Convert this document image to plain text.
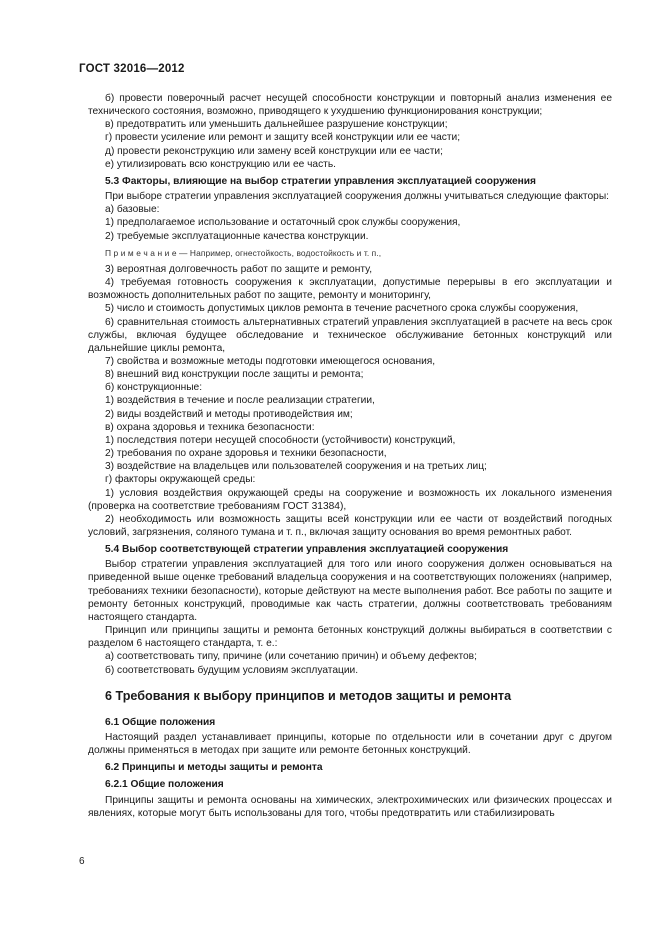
ГОСТ 32016—2012
б) провести поверочный расчет несущей способности конструкции и повторный анализ изменения ее технического состояния, возможно, приводящего к ухудшению функционирования конструкции;
в) предотвратить или уменьшить дальнейшее разрушение конструкции;
г) провести усиление или ремонт и защиту всей конструкции или ее части;
д) провести реконструкцию или замену всей конструкции или ее части;
е) утилизировать всю конструкцию или ее часть.
5.3 Факторы, влияющие на выбор стратегии управления эксплуатацией сооружения
При выборе стратегии управления эксплуатацией сооружения должны учитываться следующие факторы:
а) базовые:
1) предполагаемое использование и остаточный срок службы сооружения,
2) требуемые эксплуатационные качества конструкции.
П р и м е ч а н и е — Например, огнестойкость, водостойкость и т. п.,
3) вероятная долговечность работ по защите и ремонту,
4) требуемая готовность сооружения к эксплуатации, допустимые перерывы в его эксплуатации и возможность дополнительных работ по защите, ремонту и мониторингу,
5) число и стоимость допустимых циклов ремонта в течение расчетного срока службы сооружения,
6) сравнительная стоимость альтернативных стратегий управления эксплуатацией в расчете на весь срок службы, включая будущее обследование и техническое обслуживание бетонных конструкций или дальнейшие циклы ремонта,
7) свойства и возможные методы подготовки имеющегося основания,
8) внешний вид конструкции после защиты и ремонта;
б) конструкционные:
1) воздействия в течение и после реализации стратегии,
2) виды воздействий и методы противодействия им;
в) охрана здоровья и техника безопасности:
1) последствия потери несущей способности (устойчивости) конструкций,
2) требования по охране здоровья и техники безопасности,
3) воздействие на владельцев или пользователей сооружения и на третьих лиц;
г) факторы окружающей среды:
1) условия воздействия окружающей среды на сооружение и возможность их локального изменения (проверка на соответствие требованиям ГОСТ 31384),
2) необходимость или возможность защиты всей конструкции или ее части от воздействий погодных условий, загрязнения, соляного тумана и т. п., включая защиту основания во время ремонтных работ.
5.4 Выбор соответствующей стратегии управления эксплуатацией сооружения
Выбор стратегии управления эксплуатацией для того или иного сооружения должен основываться на приведенной выше оценке требований владельца сооружения и на соответствующих положениях (например, требованиях техники безопасности), которые действуют на месте выполнения работ. Все работы по защите и ремонту бетонных конструкций, проводимые как часть стратегии, должны соответствовать требованиям настоящего стандарта.
Принцип или принципы защиты и ремонта бетонных конструкций должны выбираться в соответствии с разделом 6 настоящего стандарта, т. е.:
а) соответствовать типу, причине (или сочетанию причин) и объему дефектов;
б) соответствовать будущим условиям эксплуатации.
6 Требования к выбору принципов и методов защиты и ремонта
6.1 Общие положения
Настоящий раздел устанавливает принципы, которые по отдельности или в сочетании друг с другом должны применяться в методах при защите или ремонте бетонных конструкций.
6.2 Принципы и методы защиты и ремонта
6.2.1 Общие положения
Принципы защиты и ремонта основаны на химических, электрохимических или физических процессах и явлениях, которые могут быть использованы для того, чтобы предотвратить или стабилизировать
6
